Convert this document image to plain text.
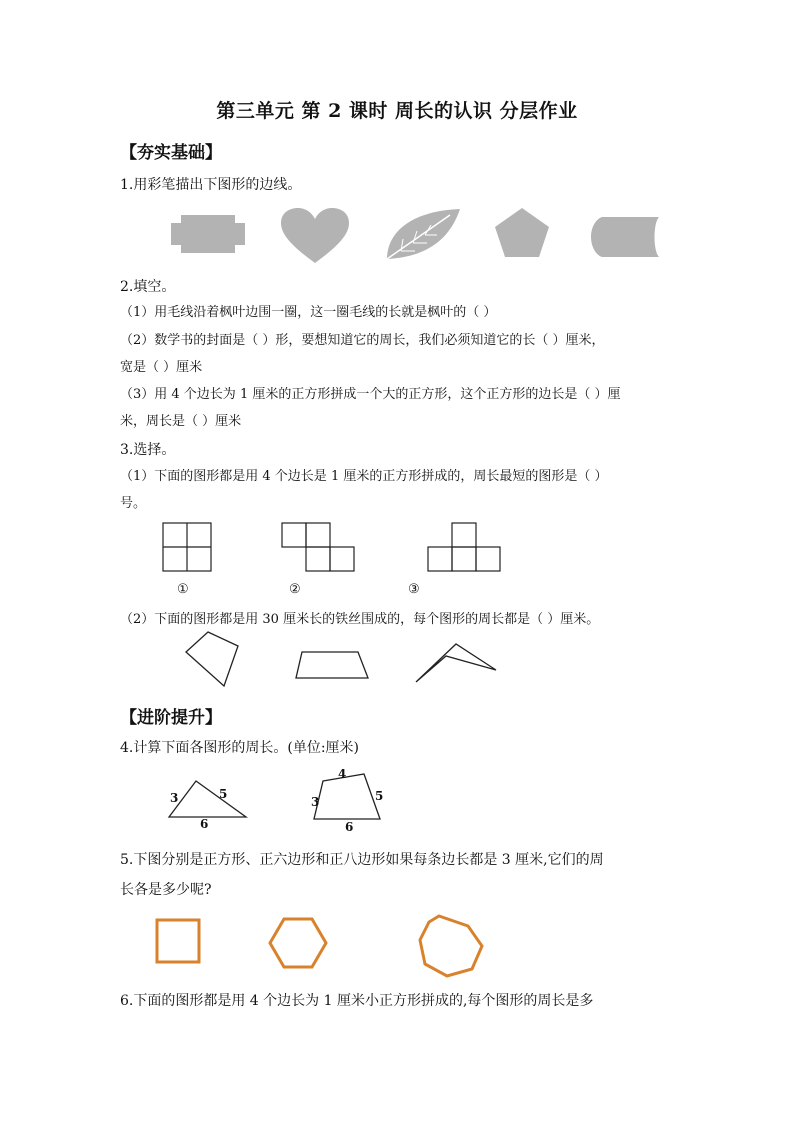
第三单元 第 2 课时 周长的认识 分层作业
【夯实基础】
1.用彩笔描出下图形的边线。
2.填空。
（1）用毛线沿着枫叶边围一圈，这一圈毛线的长就是枫叶的（ ）
（2）数学书的封面是（ ）形，要想知道它的周长，我们必须知道它的长（ ）厘米，
宽是（ ）厘米
（3）用 4 个边长为 1 厘米的正方形拼成一个大的正方形，这个正方形的边长是（ ）厘
米，周长是（ ）厘米
3.选择。
（1）下面的图形都是用 4 个边长是 1 厘米的正方形拼成的，周长最短的图形是（ ）
号。
①	②	③
（2）下面的图形都是用 30 厘米长的铁丝围成的，每个图形的周长都是（ ）厘米。
【进阶提升】
4.计算下面各图形的周长。(单位:厘米)
3	5
6
4
3	5
6
5.下图分别是正方形、正六边形和正八边形如果每条边长都是 3 厘米,它们的周
长各是多少呢?
6.下面的图形都是用 4 个边长为 1 厘米小正方形拼成的,每个图形的周长是多
